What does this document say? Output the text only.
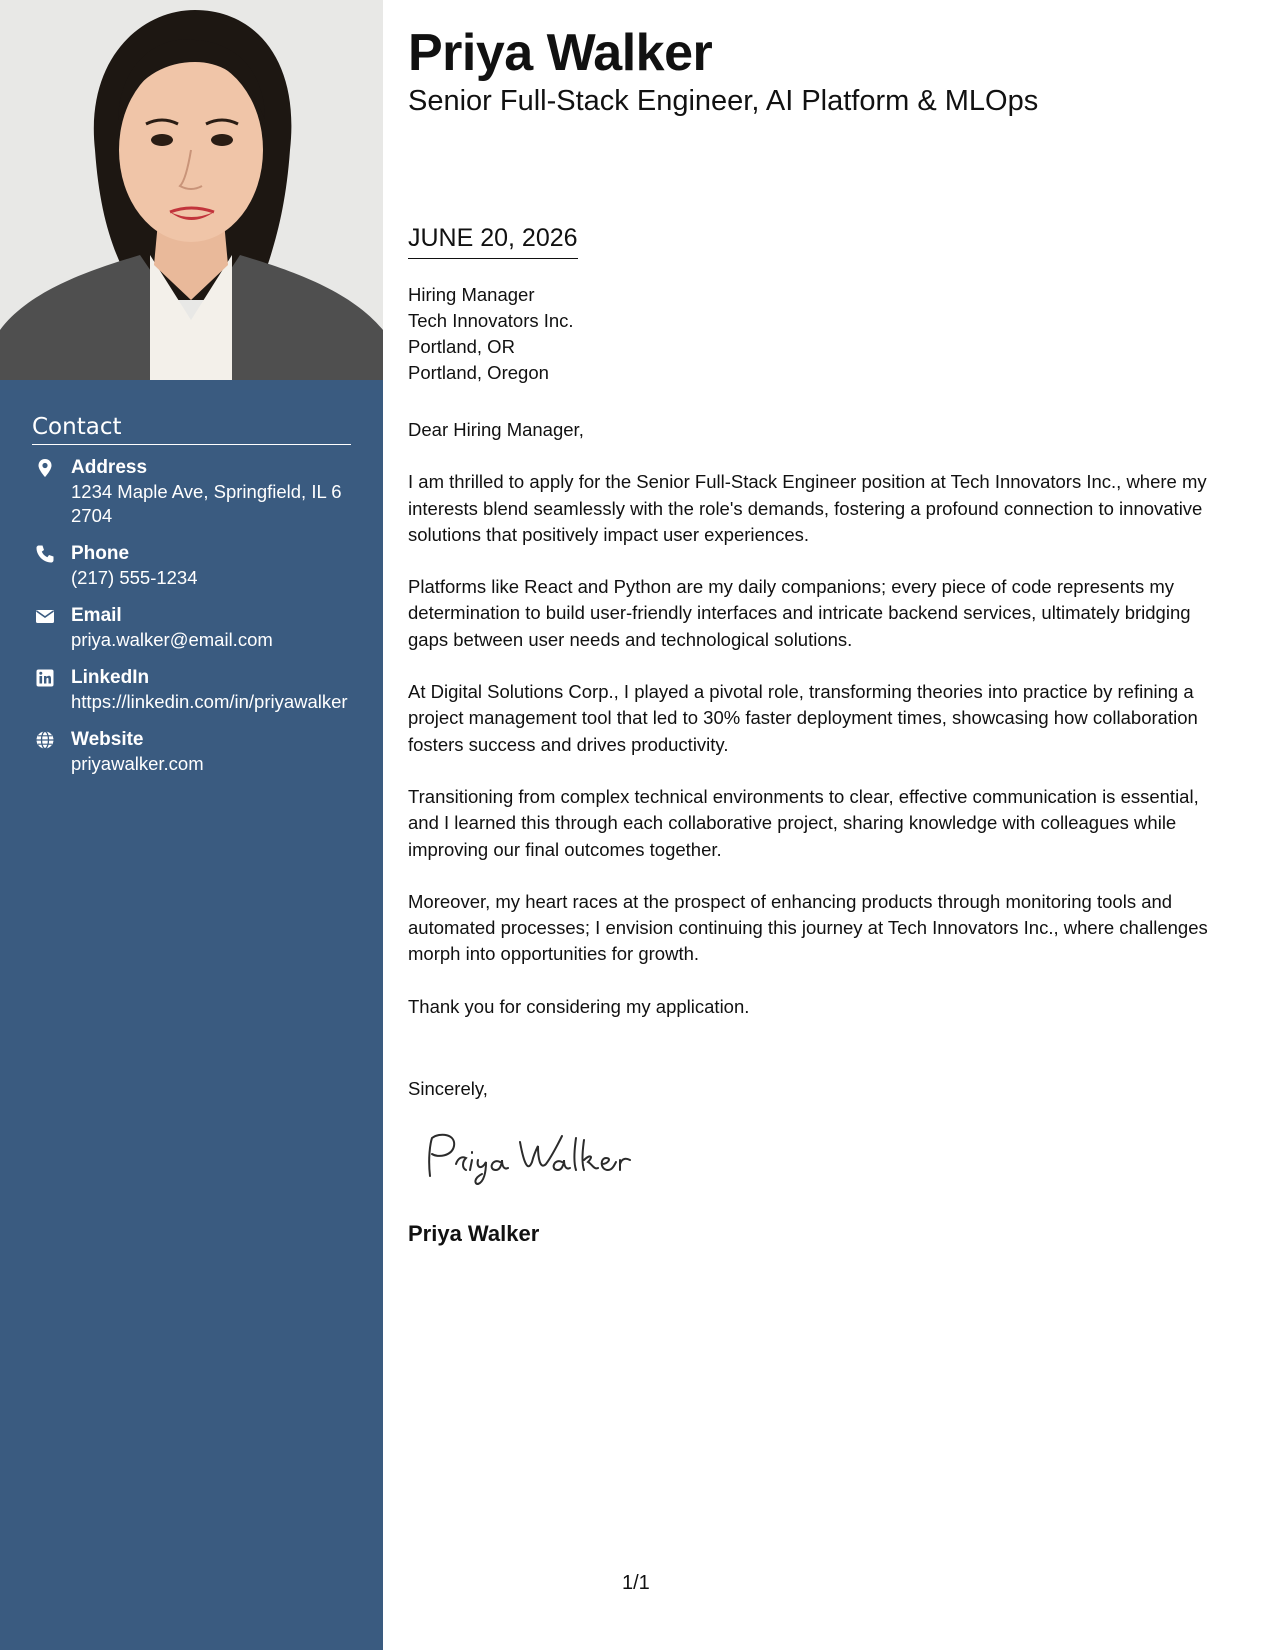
Contact
Address
1234 Maple Ave, Springfield, IL 62704
Phone
(217) 555-1234
Email
priya.walker@email.com
LinkedIn
https://linkedin.com/in/priyawalker
Website
priyawalker.com
Priya Walker
Senior Full-Stack Engineer, AI Platform & MLOps
JUNE 20, 2026
Hiring Manager
Tech Innovators Inc.
Portland, OR
Portland, Oregon

Dear Hiring Manager,

I am thrilled to apply for the Senior Full-Stack Engineer position at Tech Innovators Inc., where my interests blend seamlessly with the role's demands, fostering a profound connection to innovative solutions that positively impact user experiences.

Platforms like React and Python are my daily companions; every piece of code represents my determination to build user-friendly interfaces and intricate backend services, ultimately bridging gaps between user needs and technological solutions.

At Digital Solutions Corp., I played a pivotal role, transforming theories into practice by refining a project management tool that led to 30% faster deployment times, showcasing how collaboration fosters success and drives productivity.

Transitioning from complex technical environments to clear, effective communication is essential, and I learned this through each collaborative project, sharing knowledge with colleagues while improving our final outcomes together.

Moreover, my heart races at the prospect of enhancing products through monitoring tools and automated processes; I envision continuing this journey at Tech Innovators Inc., where challenges morph into opportunities for growth.

Thank you for considering my application.

Sincerely,
Priya Walker
1/1
